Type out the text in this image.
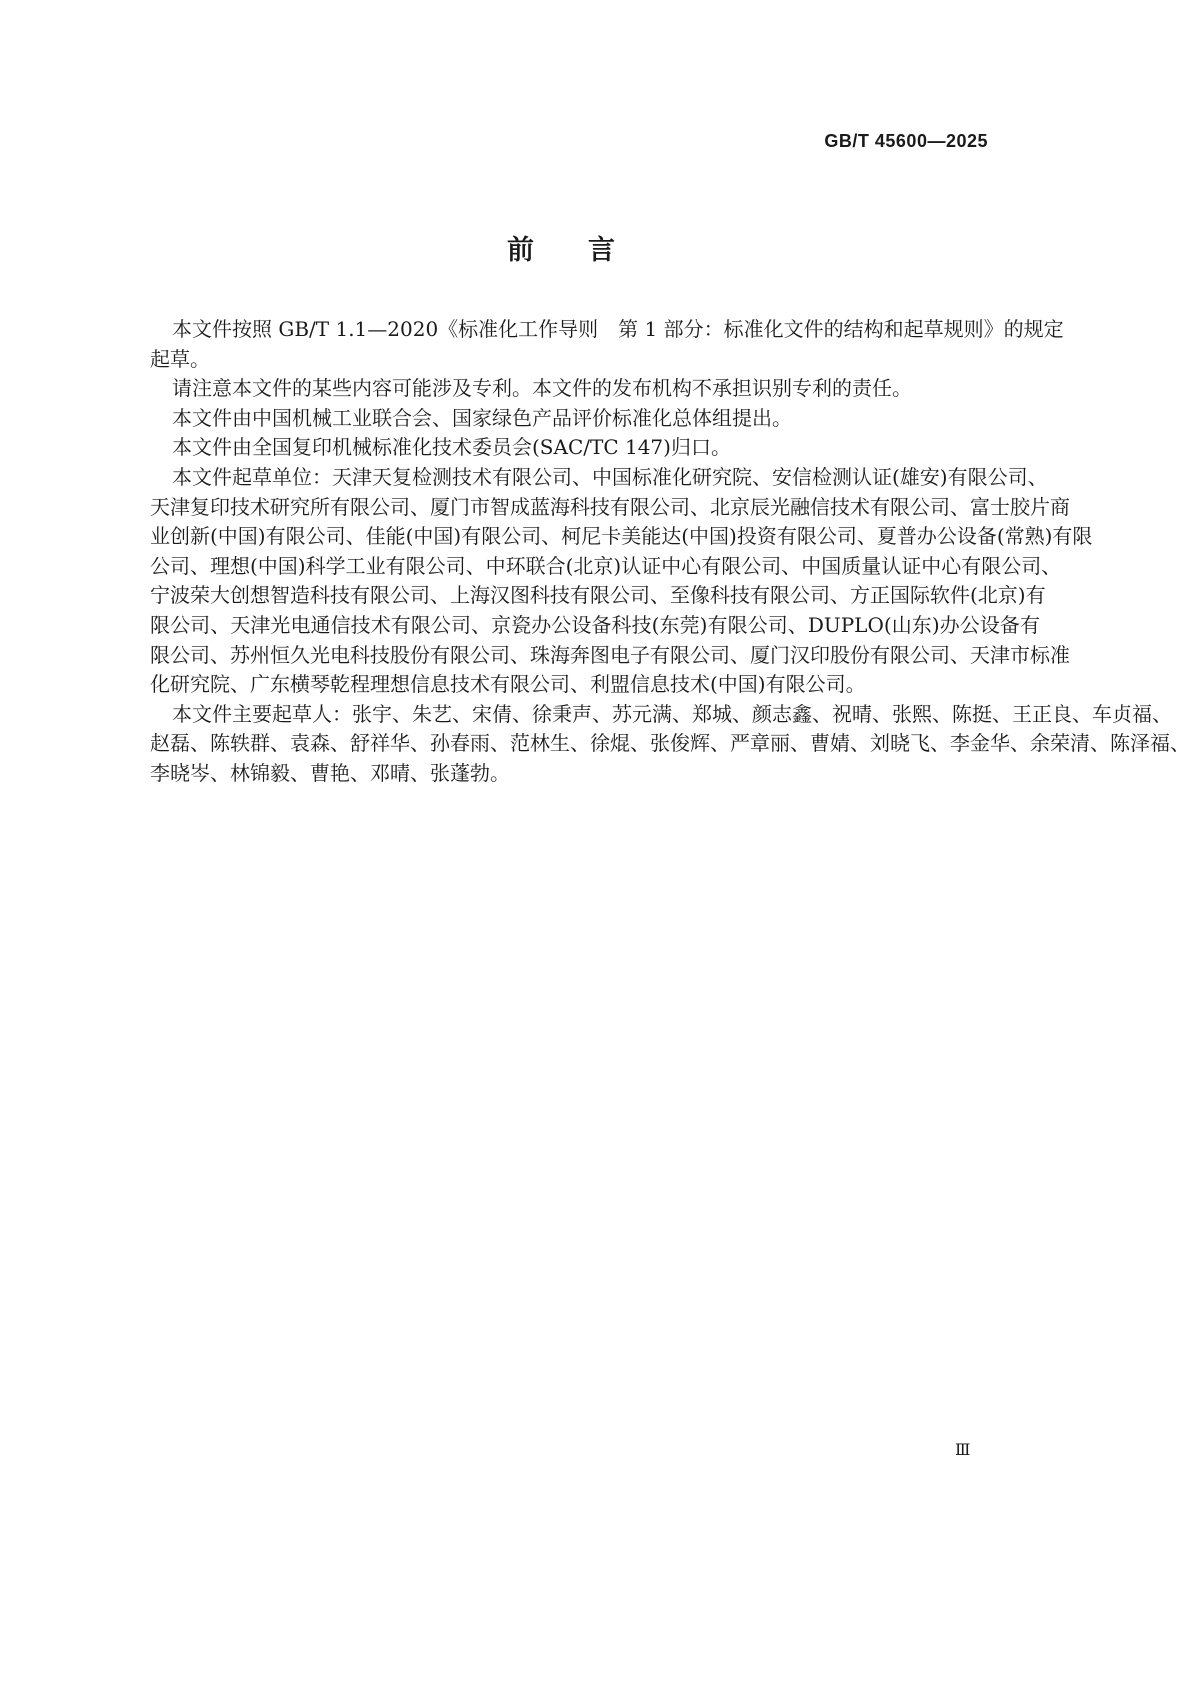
GB/T 45600—2025
前 言
本文件按照 GB/T 1.1—2020《标准化工作导则　第 1 部分：标准化文件的结构和起草规则》的规定
起草。
请注意本文件的某些内容可能涉及专利。本文件的发布机构不承担识别专利的责任。
本文件由中国机械工业联合会、国家绿色产品评价标准化总体组提出。
本文件由全国复印机械标准化技术委员会(SAC/TC 147)归口。
本文件起草单位：天津天复检测技术有限公司、中国标准化研究院、安信检测认证(雄安)有限公司、
天津复印技术研究所有限公司、厦门市智成蓝海科技有限公司、北京辰光融信技术有限公司、富士胶片商
业创新(中国)有限公司、佳能(中国)有限公司、柯尼卡美能达(中国)投资有限公司、夏普办公设备(常熟)有限
公司、理想(中国)科学工业有限公司、中环联合(北京)认证中心有限公司、中国质量认证中心有限公司、
宁波荣大创想智造科技有限公司、上海汉图科技有限公司、至像科技有限公司、方正国际软件(北京)有
限公司、天津光电通信技术有限公司、京瓷办公设备科技(东莞)有限公司、DUPLO(山东)办公设备有
限公司、苏州恒久光电科技股份有限公司、珠海奔图电子有限公司、厦门汉印股份有限公司、天津市标准
化研究院、广东横琴乾程理想信息技术有限公司、利盟信息技术(中国)有限公司。
本文件主要起草人：张宇、朱艺、宋倩、徐秉声、苏元满、郑城、颜志鑫、祝晴、张熙、陈挺、王正良、车贞福、
赵磊、陈轶群、袁森、舒祥华、孙春雨、范林生、徐焜、张俊辉、严章丽、曹婧、刘晓飞、李金华、余荣清、陈泽福、
李晓岑、林锦毅、曹艳、邓晴、张蓬勃。
Ⅲ
